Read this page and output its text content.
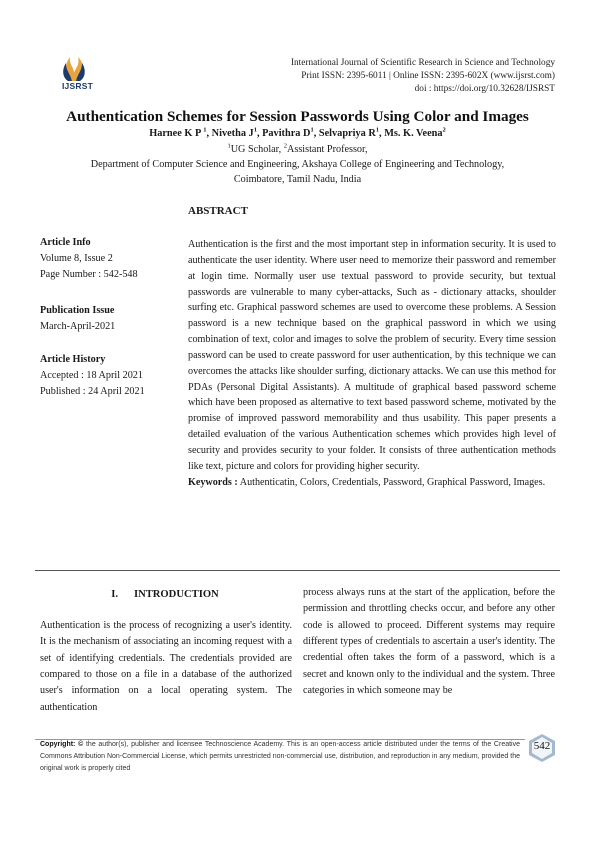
IJSRST
International Journal of Scientific Research in Science and Technology
Print ISSN: 2395-6011 | Online ISSN: 2395-602X (www.ijsrst.com)
doi : https://doi.org/10.32628/IJSRST
Authentication Schemes for Session Passwords Using Color and Images
Harnee K P $^1$, Nivetha $J^1$, Pavithra $D^1$, Selvapriya $R^1$, Ms. K. Veena$^2$
$^1$UG Scholar, $^2$Assistant Professor,
Department of Computer Science and Engineering, Akshaya College of Engineering and Technology,
Coimbatore, Tamil Nadu, India
ABSTRACT
Article Info
Volume 8, Issue 2
Page Number : 542-548
Publication Issue
March-April-2021
Article History
Accepted : 18 April 2021
Published : 24 April 2021

Authentication is the first and the most important step in information security. It is used to authenticate the user identity. Where user need to memorize their password and remember at login time. Normally user use textual password to provide security, but textual passwords are vulnerable to many cyber-attacks, Such as - dictionary attacks, shoulder surfing etc. Graphical password schemes are used to overcome these problems. A Session password is a new technique based on the graphical password in which we using combination of text, color and images to solve the problem of security. Every time session password can be used to create password for user authentication, by this technique we can overcomes the attacks like shoulder surfing, dictionary attacks. We can use this method for PDAs (Personal Digital Assistants). A multitude of graphical based password scheme which have been proposed as alternative to text based password scheme, motivated by the promise of improved password memorability and thus usability. This paper presents a detailed evaluation of the various Authentication schemes which provides high level of security and provides security to your folder. It consists of three authentication methods like text, picture and colors for providing higher security.

Keywords : Authenticatin, Colors, Credentials, Password, Graphical Password, Images.

I.      INTRODUCTION
Authentication is the process of recognizing a user's identity. It is the mechanism of associating an incoming request with a set of identifying credentials. The credentials provided are compared to those on a file in a database of the authorized user's information on a local operating system. The authentication
process always runs at the start of the application, before the permission and throttling checks occur, and before any other code is allowed to proceed. Different systems may require different types of credentials to ascertain a user's identity. The credential often takes the form of a password, which is a secret and known only to the individual and the system. Three categories in which someone may be
Copyright: © the author(s), publisher and licensee Technoscience Academy. This is an open-access article distributed under the terms of the Creative Commons Attribution Non-Commercial License, which permits unrestricted non-commercial use, distribution, and reproduction in any medium, provided the original work is properly cited
542
